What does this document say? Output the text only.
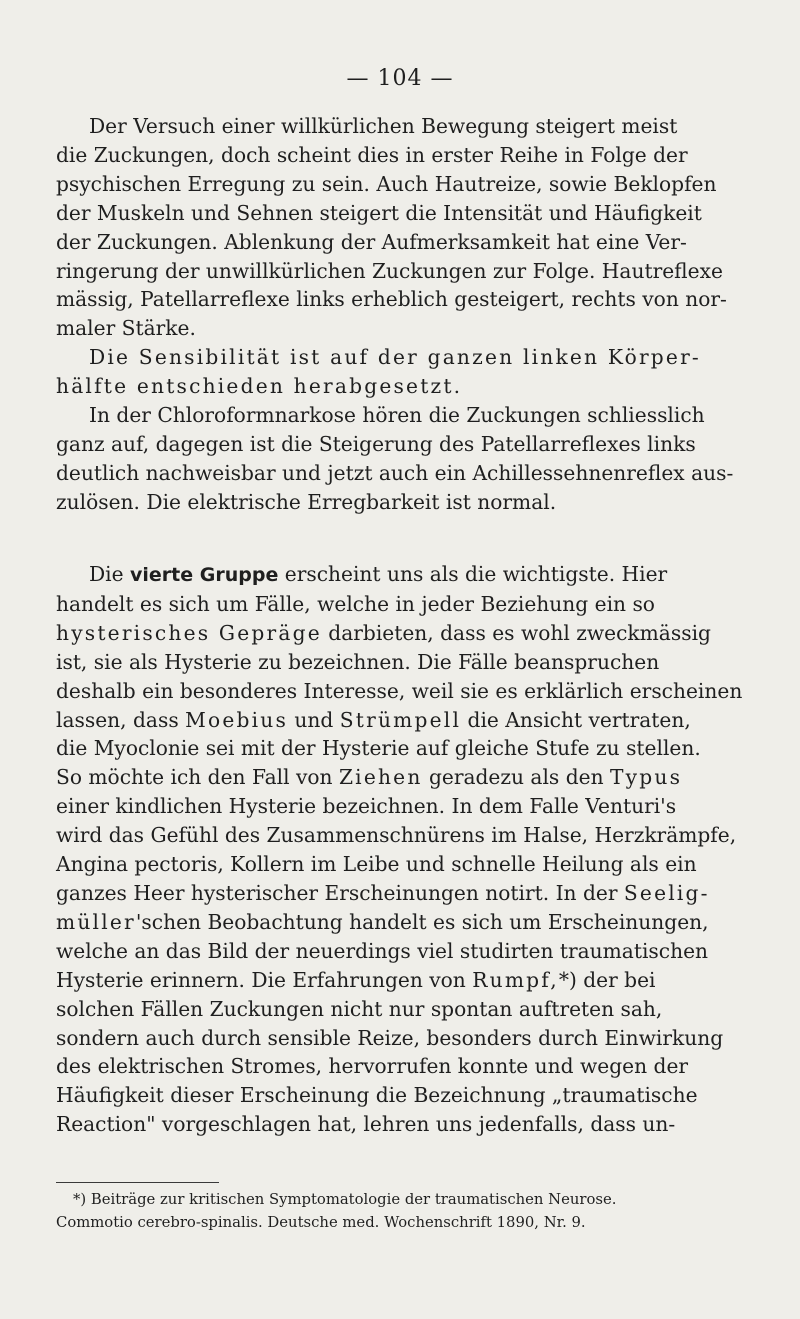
— 104 —
Der Versuch einer willkürlichen Bewegung steigert meist
die Zuckungen, doch scheint dies in erster Reihe in Folge der
psychischen Erregung zu sein. Auch Hautreize, sowie Beklopfen
der Muskeln und Sehnen steigert die Intensität und Häufigkeit
der Zuckungen. Ablenkung der Aufmerksamkeit hat eine Ver-
ringerung der unwillkürlichen Zuckungen zur Folge. Hautreflexe
mässig, Patellarreflexe links erheblich gesteigert, rechts von nor-
maler Stärke.
Die Sensibilität ist auf der ganzen linken Körper-
hälfte entschieden herabgesetzt.
In der Chloroformnarkose hören die Zuckungen schliesslich
ganz auf, dagegen ist die Steigerung des Patellarreflexes links
deutlich nachweisbar und jetzt auch ein Achillessehnenreflex aus-
zulösen. Die elektrische Erregbarkeit ist normal.
Die vierte Gruppe erscheint uns als die wichtigste. Hier
handelt es sich um Fälle, welche in jeder Beziehung ein so
hysterisches Gepräge darbieten, dass es wohl zweckmässig
ist, sie als Hysterie zu bezeichnen. Die Fälle beanspruchen
deshalb ein besonderes Interesse, weil sie es erklärlich erscheinen
lassen, dass Moebius und Strümpell die Ansicht vertraten,
die Myoclonie sei mit der Hysterie auf gleiche Stufe zu stellen.
So möchte ich den Fall von Ziehen geradezu als den Typus
einer kindlichen Hysterie bezeichnen. In dem Falle Venturi's
wird das Gefühl des Zusammenschnürens im Halse, Herzkrämpfe,
Angina pectoris, Kollern im Leibe und schnelle Heilung als ein
ganzes Heer hysterischer Erscheinungen notirt. In der Seelig-
müller'schen Beobachtung handelt es sich um Erscheinungen,
welche an das Bild der neuerdings viel studirten traumatischen
Hysterie erinnern. Die Erfahrungen von Rumpf,*) der bei
solchen Fällen Zuckungen nicht nur spontan auftreten sah,
sondern auch durch sensible Reize, besonders durch Einwirkung
des elektrischen Stromes, hervorrufen konnte und wegen der
Häufigkeit dieser Erscheinung die Bezeichnung „traumatische
Reaction" vorgeschlagen hat, lehren uns jedenfalls, dass un-
*) Beiträge zur kritischen Symptomatologie der traumatischen Neurose.
Commotio cerebro-spinalis. Deutsche med. Wochenschrift 1890, Nr. 9.
